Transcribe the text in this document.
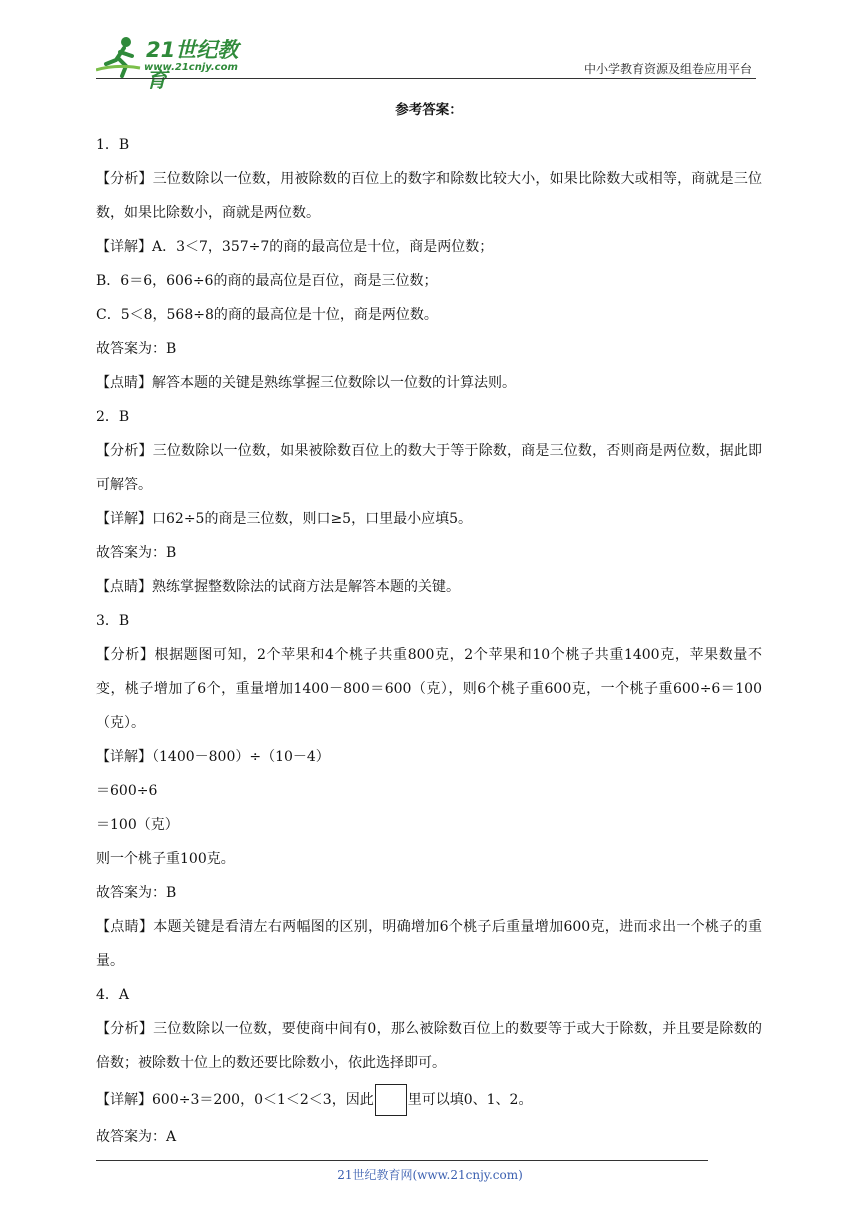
21世纪教育
www.21cnjy.com	中小学教育资源及组卷应用平台
参考答案：
1．B
【分析】三位数除以一位数，用被除数的百位上的数字和除数比较大小，如果比除数大或相等，商就是三位数，如果比除数小，商就是两位数。
【详解】A．3＜7，357÷7的商的最高位是十位，商是两位数；
B．6＝6，606÷6的商的最高位是百位，商是三位数；
C．5＜8，568÷8的商的最高位是十位，商是两位数。
故答案为：B
【点睛】解答本题的关键是熟练掌握三位数除以一位数的计算法则。
2．B
【分析】三位数除以一位数，如果被除数百位上的数大于等于除数，商是三位数，否则商是两位数，据此即可解答。
【详解】口62÷5的商是三位数，则口≥5，口里最小应填5。
故答案为：B
【点睛】熟练掌握整数除法的试商方法是解答本题的关键。
3．B
【分析】根据题图可知，2个苹果和4个桃子共重800克，2个苹果和10个桃子共重1400克，苹果数量不变，桃子增加了6个，重量增加1400－800＝600（克），则6个桃子重600克，一个桃子重600÷6＝100（克）。
【详解】（1400－800）÷（10－4）
＝600÷6
＝100（克）
则一个桃子重100克。
故答案为：B
【点睛】本题关键是看清左右两幅图的区别，明确增加6个桃子后重量增加600克，进而求出一个桃子的重量。
4．A
【分析】三位数除以一位数，要使商中间有0，那么被除数百位上的数要等于或大于除数，并且要是除数的倍数；被除数十位上的数还要比除数小，依此选择即可。
【详解】600÷3＝200，0＜1＜2＜3，因此 里可以填0、1、2。
故答案为：A
21世纪教育网(www.21cnjy.com)
